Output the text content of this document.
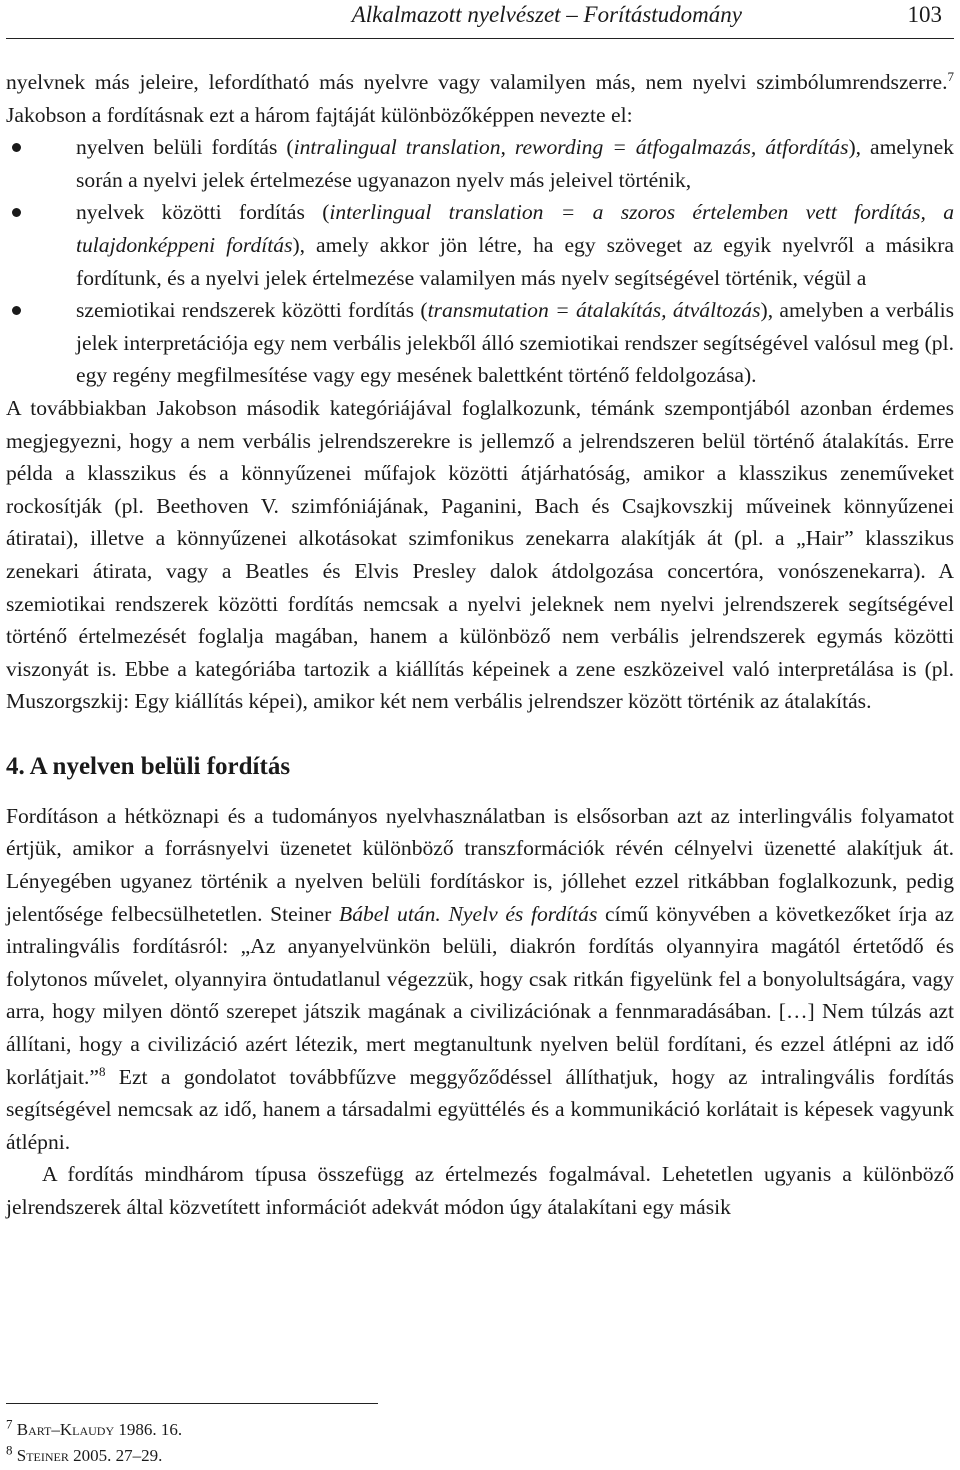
Alkalmazott nyelvészet – Forítástudomány	103

nyelvnek más jeleire, lefordítható más nyelvre vagy valamilyen más, nem nyelvi szimbólumrendszerre.$^7$ Jakobson a fordításnak ezt a három fajtáját különbözőképpen nevezte el:

nyelven belüli fordítás (intralingual translation, rewording = átfogalmazás, átfordítás), amelynek során a nyelvi jelek értelmezése ugyanazon nyelv más jeleivel történik,
nyelvek közötti fordítás (interlingual translation = a szoros értelemben vett fordítás, a tulajdonképpeni fordítás), amely akkor jön létre, ha egy szöveget az egyik nyelvről a másikra fordítunk, és a nyelvi jelek értelmezése valamilyen más nyelv segítségével történik, végül a
szemiotikai rendszerek közötti fordítás (transmutation = átalakítás, átváltozás), amelyben a verbális jelek interpretációja egy nem verbális jelekből álló szemiotikai rendszer segítségével valósul meg (pl. egy regény megfilmesítése vagy egy mesének balettként történő feldolgozása).

A továbbiakban Jakobson második kategóriájával foglalkozunk, témánk szempontjából azonban érdemes megjegyezni, hogy a nem verbális jelrendszerekre is jellemző a jelrendszeren belül történő átalakítás. Erre példa a klasszikus és a könnyűzenei műfajok közötti átjárhatóság, amikor a klasszikus zeneműveket rockosítják (pl. Beethoven V. szimfóniájának, Paganini, Bach és Csajkovszkij műveinek könnyűzenei átiratai), illetve a könnyűzenei alkotásokat szimfonikus zenekarra alakítják át (pl. a „Hair” klasszikus zenekari átirata, vagy a Beatles és Elvis Presley dalok átdolgozása concertóra, vonószenekarra). A szemiotikai rendszerek közötti fordítás nemcsak a nyelvi jeleknek nem nyelvi jelrendszerek segítségével történő értelmezését foglalja magában, hanem a különböző nem verbális jelrendszerek egymás közötti viszonyát is. Ebbe a kategóriába tartozik a kiállítás képeinek a zene eszközeivel való interpretálása is (pl. Muszorgszkij: Egy kiállítás képei), amikor két nem verbális jelrendszer között történik az átalakítás.

4. A nyelven belüli fordítás

Fordításon a hétköznapi és a tudományos nyelvhasználatban is elsősorban azt az interlingvális folyamatot értjük, amikor a forrásnyelvi üzenetet különböző transzformációk révén célnyelvi üzenetté alakítjuk át. Lényegében ugyanez történik a nyelven belüli fordításkor is, jóllehet ezzel ritkábban foglalkozunk, pedig jelentősége felbecsülhetetlen. Steiner Bábel után. Nyelv és fordítás című könyvében a következőket írja az intralingvális fordításról: „Az anyanyelvünkön belüli, diakrón fordítás olyannyira magától értetődő és folytonos művelet, olyannyira öntudatlanul végezzük, hogy csak ritkán figyelünk fel a bonyolultságára, vagy arra, hogy milyen döntő szerepet játszik magának a civilizációnak a fennmaradásában. […] Nem túlzás azt állítani, hogy a civilizáció azért létezik, mert megtanultunk nyelven belül fordítani, és ezzel átlépni az idő korlátjait.”$^8$ Ezt a gondolatot továbbfűzve meggyőződéssel állíthatjuk, hogy az intralingvális fordítás segítségével nemcsak az idő, hanem a társadalmi együttélés és a kommunikáció korlátait is képesek vagyunk átlépni.

A fordítás mindhárom típusa összefügg az értelmezés fogalmával. Lehetetlen ugyanis a különböző jelrendszerek által közvetített információt adekvát módon úgy átalakítani egy másik

$^7$ Bart–Klaudy 1986. 16.
$^8$ Steiner 2005. 27–29.
